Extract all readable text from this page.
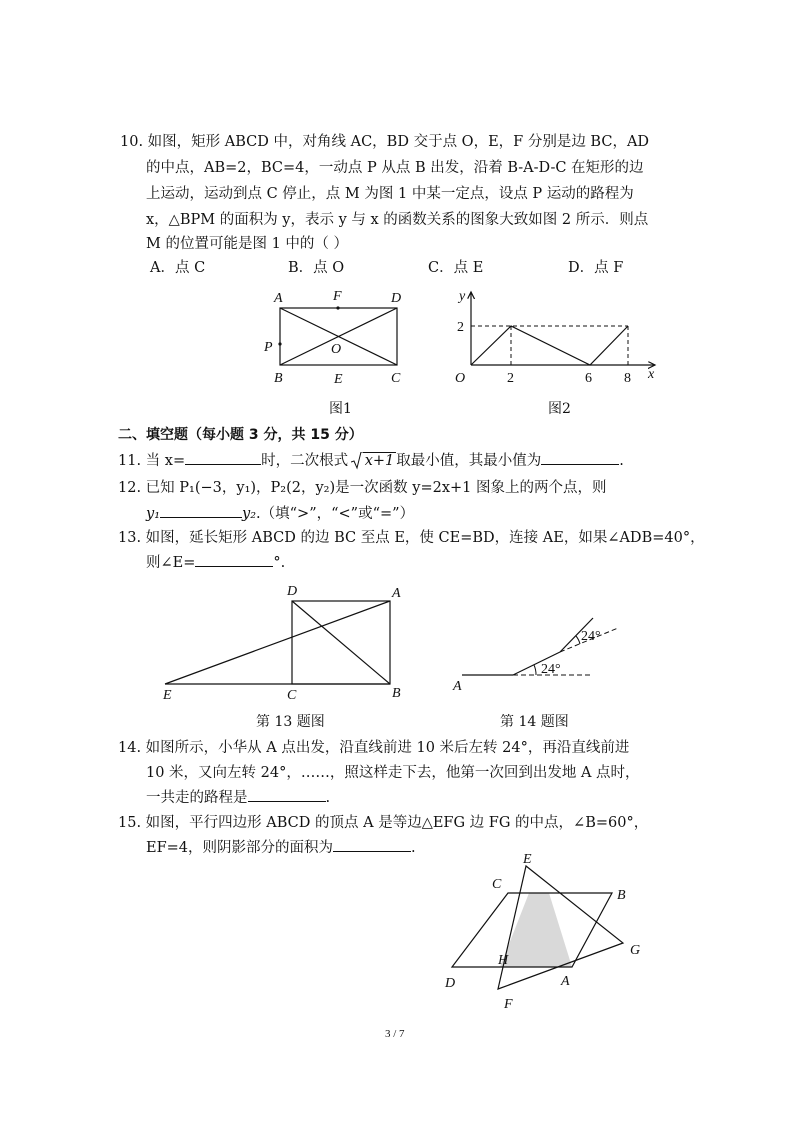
10. 如图，矩形 ABCD 中，对角线 AC，BD 交于点 O，E，F 分别是边 BC，AD
的中点，AB=2，BC=4，一动点 P 从点 B 出发，沿着 B-A-D-C 在矩形的边
上运动，运动到点 C 停止，点 M 为图 1 中某一定点，设点 P 运动的路程为
x，△BPM 的面积为 y，表示 y 与 x 的函数关系的图象大致如图 2 所示．则点
M 的位置可能是图 1 中的（ ）
A．点 C	B．点 O	C．点 E	D．点 F
A	F	D
P	O
B	E	C
图1
y
x
O
2
2	6 8
图2
二、填空题（每小题 3 分，共 15 分）
11. 当 x=	时，二次根式 x+1 取最小值，其最小值为	.
12. 已知 P₁(−3，y₁)，P₂(2，y₂)是一次函数 y=2x+1 图象上的两个点，则
y₁	y₂.（填“>”，“<”或“=”）
13. 如图，延长矩形 ABCD 的边 BC 至点 E，使 CE=BD，连接 AE，如果∠ADB=40°，
则∠E=	°.
D	A
E	C	B
第 13 题图
A
24°
24°
第 14 题图
14. 如图所示，小华从 A 点出发，沿直线前进 10 米后左转 24°，再沿直线前进
10 米，又向左转 24°，……，照这样走下去，他第一次回到出发地 A 点时，
一共走的路程是	.
15. 如图，平行四边形 ABCD 的顶点 A 是等边△EFG 边 FG 的中点，∠B=60°，
EF=4，则阴影部分的面积为	.
E
C
B
G
H
D	A
F
3 / 7
